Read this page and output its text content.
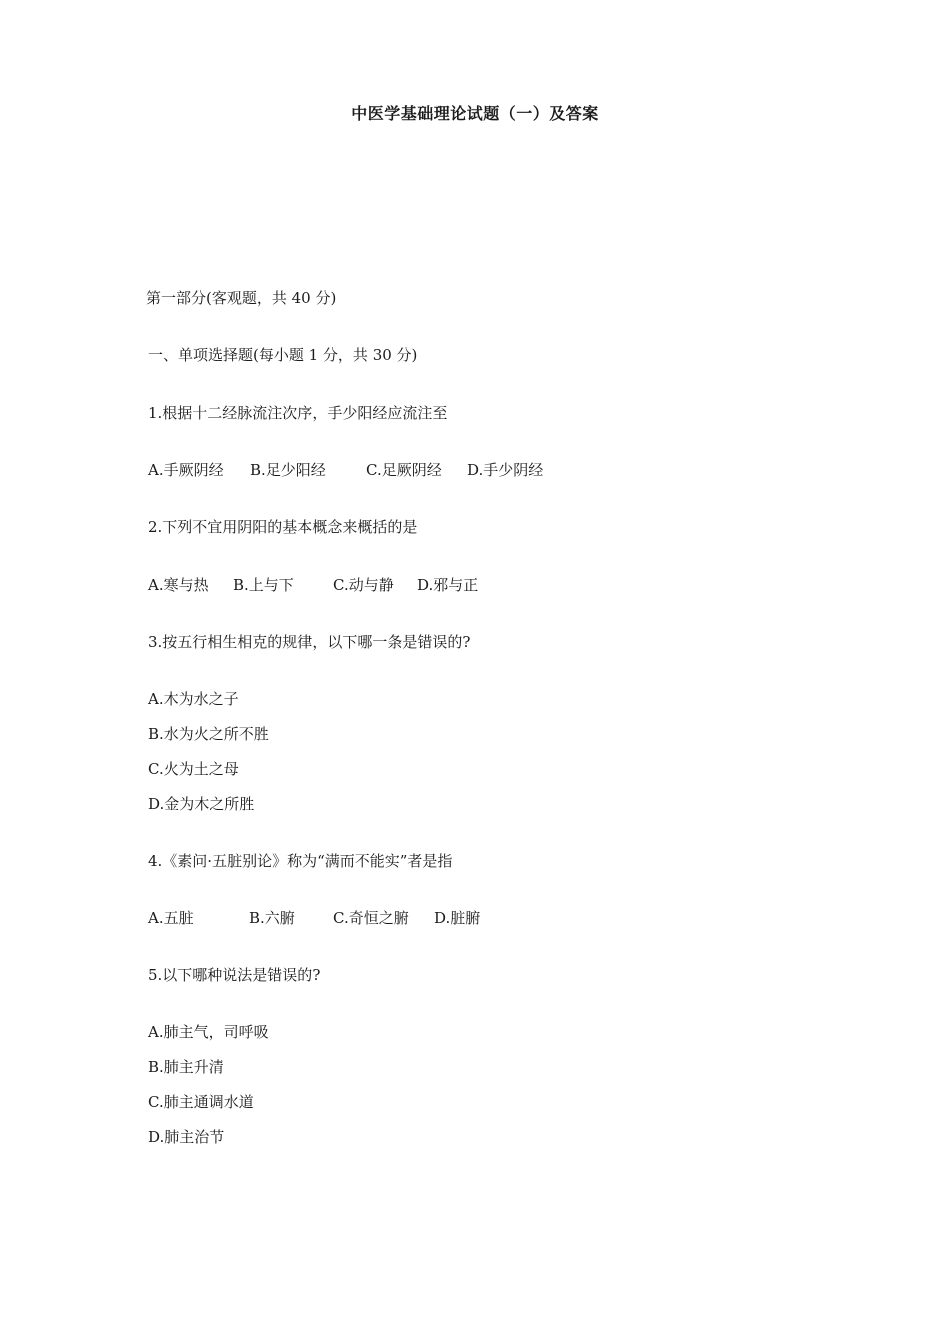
中医学基础理论试题（一）及答案
第一部分(客观题，共 40 分)
一、单项选择题(每小题 1 分，共 30 分)
1.根据十二经脉流注次序，手少阳经应流注至
A.手厥阴经 B.足少阳经	C.足厥阴经 D.手少阴经
2.下列不宜用阴阳的基本概念来概括的是
A.寒与热 B.上与下	C.动与静 D.邪与正
3.按五行相生相克的规律，以下哪一条是错误的?
A.木为水之子
B.水为火之所不胜
C.火为土之母
D.金为木之所胜
4.《素问·五脏别论》称为“满而不能实”者是指
A.五脏	B.六腑	C.奇恒之腑 D.脏腑
5.以下哪种说法是错误的?
A.肺主气，司呼吸
B.肺主升清
C.肺主通调水道
D.肺主治节
